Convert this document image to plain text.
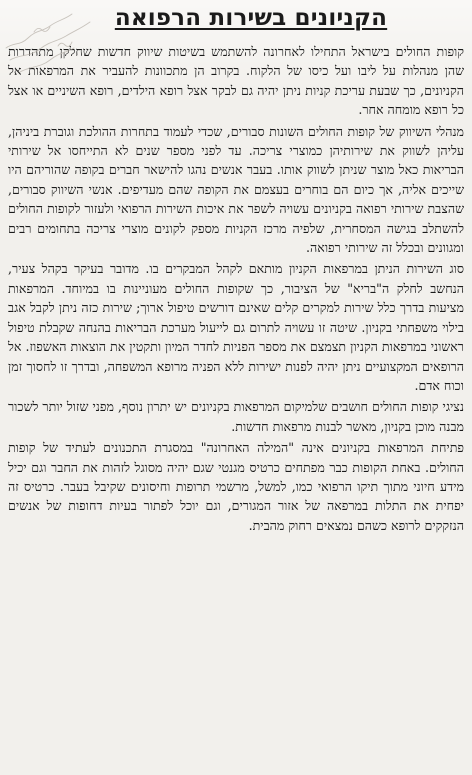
הקניונים בשירות הרפואה

קופות החולים בישראל התחילו לאחרונה להשתמש בשיטות שיווק חדשות שחלקן מתהדרות שהן מנהלות על ליבו ועל כיסו של הלקוח. בקרוב הן מתכוונות להעביר את המרפאות אל הקניונים, כך שבעת עריכת קניות ניתן יהיה גם לבקר אצל רופא הילדים, רופא השיניים או אצל כל רופא מומחה אחר.

מנהלי השיווק של קופות החולים השונות סבורים, שכדי לעמוד בתחרות ההולכת וגוברת ביניהן, עליהן לשווק את שירותיהן כמוצרי צריכה. עד לפני מספר שנים לא התייחסו אל שירותי הבריאות כאל מוצר שניתן לשווק אותו. בעבר אנשים נהגו להישאר חברים בקופה שהוריהם היו שייכים אליה, אך כיום הם בוחרים בעצמם את הקופה שהם מעדיפים. אנשי השיווק סבורים, שהצבת שירותי רפואה בקניונים עשויה לשפר את איכות השירות הרפואי ולעזור לקופות החולים להשתלב בגישה המסחרית, שלפיה מרכז הקניות מספק לקונים מוצרי צריכה בתחומים רבים ומגוונים ובכלל זה שירותי רפואה.

סוג השירות הניתן במרפאות הקניון מותאם לקהל המבקרים בו. מדובר בעיקר בקהל צעיר, הנחשב לחלק ה"בריא" של הציבור, כך שקופות החולים מעוניינות בו במיוחד. המרפאות מציעות בדרך כלל שירות למקרים קלים שאינם דורשים טיפול ארוך; שירות כזה ניתן לקבל אגב בילוי משפחתי בקניון. שיטה זו עשויה לתרום גם לייעול מערכת הבריאות בהנחה שקבלת טיפול ראשוני במרפאות הקניון תצמצם את מספר הפניות לחדר המיון ותקטין את הוצאות האשפוז. אל הרופאים המקצועיים ניתן יהיה לפנות ישירות ללא הפניה מרופא המשפחה, ובדרך זו לחסוך זמן וכוח אדם.

נציגי קופות החולים חושבים שלמיקום המרפאות בקניונים יש יתרון נוסף, מפני שזול יותר לשכור מבנה מוכן בקניון, מאשר לבנות מרפאות חדשות.

פתיחת המרפאות בקניונים אינה "המילה האחרונה" במסגרת התכנונים לעתיד של קופות החולים. באחת הקופות כבר מפתחים כרטיס מגנטי שגם יהיה מסוגל לזהות את החבר וגם יכיל מידע חיוני מתוך תיקו הרפואי כמו, למשל, מרשמי תרופות וחיסונים שקיבל בעבר. כרטיס זה יפחית את התלות במרפאה של אזור המגורים, וגם יוכל לפתור בעיות דחופות של אנשים הנזקקים לרופא כשהם נמצאים רחוק מהבית.
